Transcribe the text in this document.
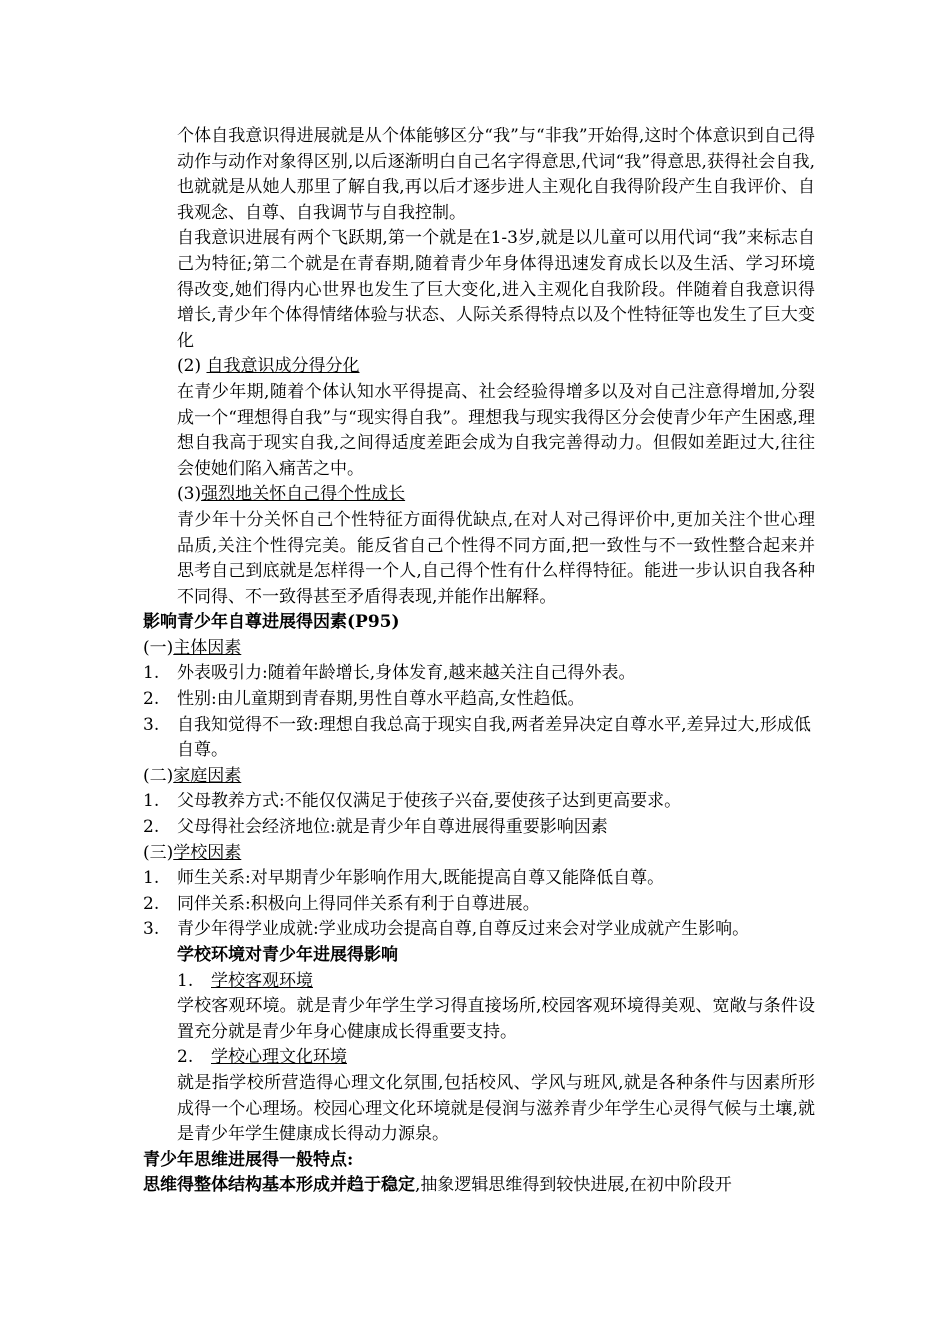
个体自我意识得进展就是从个体能够区分“我”与“非我”开始得,这时个体意识到自己得动作与动作对象得区别,以后逐渐明白自己名字得意思,代词“我”得意思,获得社会自我,也就就是从她人那里了解自我,再以后才逐步进人主观化自我得阶段产生自我评价、自我观念、自尊、自我调节与自我控制。

自我意识进展有两个飞跃期,第一个就是在1-3岁,就是以儿童可以用代词“我”来标志自己为特征;第二个就是在青春期,随着青少年身体得迅速发育成长以及生活、学习环境得改变,她们得内心世界也发生了巨大变化,进入主观化自我阶段。伴随着自我意识得增长,青少年个体得情绪体验与状态、人际关系得特点以及个性特征等也发生了巨大变化

(2) 自我意识成分得分化

在青少年期,随着个体认知水平得提高、社会经验得增多以及对自己注意得增加,分裂成一个“理想得自我”与“现实得自我”。理想我与现实我得区分会使青少年产生困惑,理想自我高于现实自我,之间得适度差距会成为自我完善得动力。但假如差距过大,往往会使她们陷入痛苦之中。

(3)强烈地关怀自己得个性成长

青少年十分关怀自己个性特征方面得优缺点,在对人对己得评价中,更加关注个世心理品质,关注个性得完美。能反省自己个性得不同方面,把一致性与不一致性整合起来并思考自己到底就是怎样得一个人,自己得个性有什么样得特征。能进一步认识自我各种不同得、不一致得甚至矛盾得表现,并能作出解释。

影响青少年自尊进展得因素(P95)

(一)主体因素

1.	外表吸引力:随着年龄增长,身体发育,越来越关注自己得外表。
2.	性别:由儿童期到青春期,男性自尊水平趋高,女性趋低。
3.	自我知觉得不一致:理想自我总高于现实自我,两者差异决定自尊水平,差异过大,形成低自尊。

(二)家庭因素

1.	父母教养方式:不能仅仅满足于使孩子兴奋,要使孩子达到更高要求。
2.	父母得社会经济地位:就是青少年自尊进展得重要影响因素

(三)学校因素

1.	师生关系:对早期青少年影响作用大,既能提高自尊又能降低自尊。
2.	同伴关系:积极向上得同伴关系有利于自尊进展。
3.	青少年得学业成就:学业成功会提高自尊,自尊反过来会对学业成就产生影响。

学校环境对青少年进展得影响

1.	学校客观环境

学校客观环境。就是青少年学生学习得直接场所,校园客观环境得美观、宽敞与条件设置充分就是青少年身心健康成长得重要支持。

2.	学校心理文化环境

就是指学校所营造得心理文化氛围,包括校风、学风与班风,就是各种条件与因素所形成得一个心理场。校园心理文化环境就是侵润与滋养青少年学生心灵得气候与土壤,就是青少年学生健康成长得动力源泉。

青少年思维进展得一般特点:

思维得整体结构基本形成并趋于稳定,抽象逻辑思维得到较快进展,在初中阶段开
